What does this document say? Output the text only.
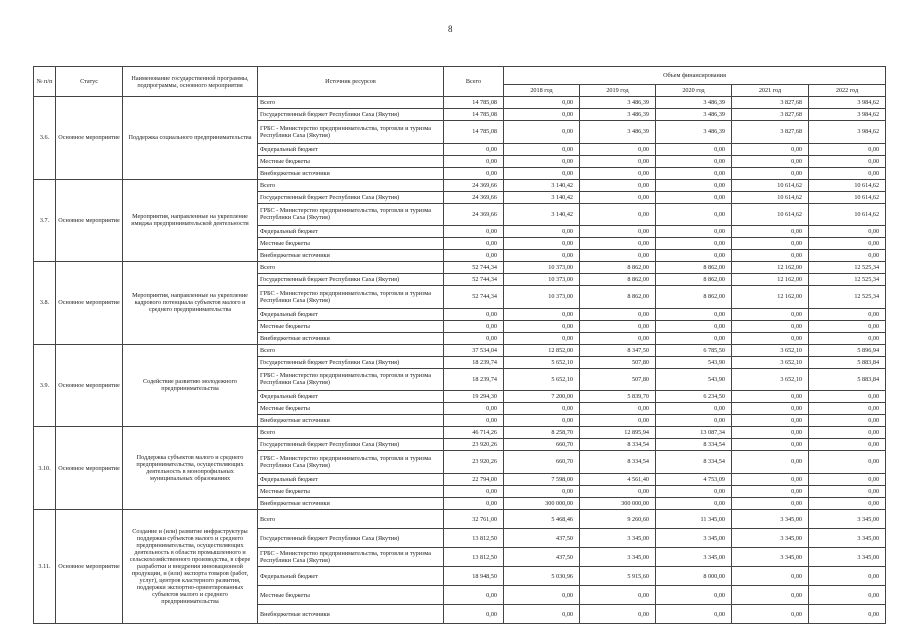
8
№ п/п	Статус	Наименование государственной программы, подпрограммы, основного мероприятия	Источник ресурсов	Всего	Объем финансирования				
					2018 год	2019 год	2020 год	2021 год	2022 год
3.6.	Основное мероприятие	Поддержка социального предпринимательства	Всего	14 785,08	0,00	3 486,39	3 486,39	3 827,68	3 984,62
			Государственный бюджет Республики Саха (Якутия)	14 785,08	0,00	3 486,39	3 486,39	3 827,68	3 984,62
			ГРБС - Министерство предпринимательства, торговли и туризма Республики Саха (Якутия)	14 785,08	0,00	3 486,39	3 486,39	3 827,68	3 984,62
			Федеральный бюджет	0,00	0,00	0,00	0,00	0,00	0,00
			Местные бюджеты	0,00	0,00	0,00	0,00	0,00	0,00
			Внебюджетные источники	0,00	0,00	0,00	0,00	0,00	0,00
3.7.	Основное мероприятие	Мероприятия, направленные на укрепление имиджа предпринимательской деятельности	Всего	24 369,66	3 140,42	0,00	0,00	10 614,62	10 614,62
			Государственный бюджет Республики Саха (Якутия)	24 369,66	3 140,42	0,00	0,00	10 614,62	10 614,62
			ГРБС - Министерство предпринимательства, торговли и туризма Республики Саха (Якутия)	24 369,66	3 140,42	0,00	0,00	10 614,62	10 614,62
			Федеральный бюджет	0,00	0,00	0,00	0,00	0,00	0,00
			Местные бюджеты	0,00	0,00	0,00	0,00	0,00	0,00
			Внебюджетные источники	0,00	0,00	0,00	0,00	0,00	0,00
3.8.	Основное мероприятие	Мероприятия, направленные на укрепление кадрового потенциала субъектов малого и среднего предпринимательства	Всего	52 744,34	10 373,00	8 862,00	8 862,00	12 162,00	12 525,34
			Государственный бюджет Республики Саха (Якутия)	52 744,34	10 373,00	8 862,00	8 862,00	12 162,00	12 525,34
			ГРБС - Министерство предпринимательства, торговли и туризма Республики Саха (Якутия)	52 744,34	10 373,00	8 862,00	8 862,00	12 162,00	12 525,34
			Федеральный бюджет	0,00	0,00	0,00	0,00	0,00	0,00
			Местные бюджеты	0,00	0,00	0,00	0,00	0,00	0,00
			Внебюджетные источники	0,00	0,00	0,00	0,00	0,00	0,00
3.9.	Основное мероприятие	Содействие развитию молодежного предпринимательства	Всего	37 534,04	12 852,00	8 347,50	6 785,50	3 652,10	5 896,94
			Государственный бюджет Республики Саха (Якутия)	18 239,74	5 652,10	507,80	543,90	3 652,10	5 883,84
			ГРБС - Министерство предпринимательства, торговли и туризма Республики Саха (Якутия)	18 239,74	5 652,10	507,80	543,90	3 652,10	5 883,84
			Федеральный бюджет	19 294,30	7 200,00	5 839,70	6 234,50	0,00	0,00
			Местные бюджеты	0,00	0,00	0,00	0,00	0,00	0,00
			Внебюджетные источники	0,00	0,00	0,00	0,00	0,00	0,00
3.10.	Основное мероприятие	Поддержка субъектов малого и среднего предпринимательства, осуществляющих деятельность в монопрофильных муниципальных образованиях	Всего	46 714,26	8 258,70	12 895,94	13 087,34	0,00	0,00
			Государственный бюджет Республики Саха (Якутия)	23 920,26	660,70	8 334,54	8 334,54	0,00	0,00
			ГРБС - Министерство предпринимательства, торговли и туризма Республики Саха (Якутия)	23 920,26	660,70	8 334,54	8 334,54	0,00	0,00
			Федеральный бюджет	22 794,00	7 598,00	4 561,40	4 753,09	0,00	0,00
			Местные бюджеты	0,00	0,00	0,00	0,00	0,00	0,00
			Внебюджетные источники	0,00	300 000,00	300 000,00	0,00	0,00	0,00
3.11.	Основное мероприятие	Создание и (или) развитие инфраструктуры поддержки субъектов малого и среднего предпринимательства, осуществляющих деятельность в области промышленного и сельскохозяйственного производства, в сфере разработки и внедрения инновационной продукции, и (или) экспорта товаров (работ, услуг), центров кластерного развития, поддержки экспортно-ориентированных субъектов малого и среднего предпринимательства	Всего	32 761,00	5 468,46	9 260,60	11 345,00	3 345,00	3 345,00
			Государственный бюджет Республики Саха (Якутия)	13 812,50	437,50	3 345,00	3 345,00	3 345,00	3 345,00
			ГРБС - Министерство предпринимательства, торговли и туризма Республики Саха (Якутия)	13 812,50	437,50	3 345,00	3 345,00	3 345,00	3 345,00
			Федеральный бюджет	18 948,50	5 030,96	5 915,60	8 000,00	0,00	0,00
			Местные бюджеты	0,00	0,00	0,00	0,00	0,00	0,00
			Внебюджетные источники	0,00	0,00	0,00	0,00	0,00	0,00
